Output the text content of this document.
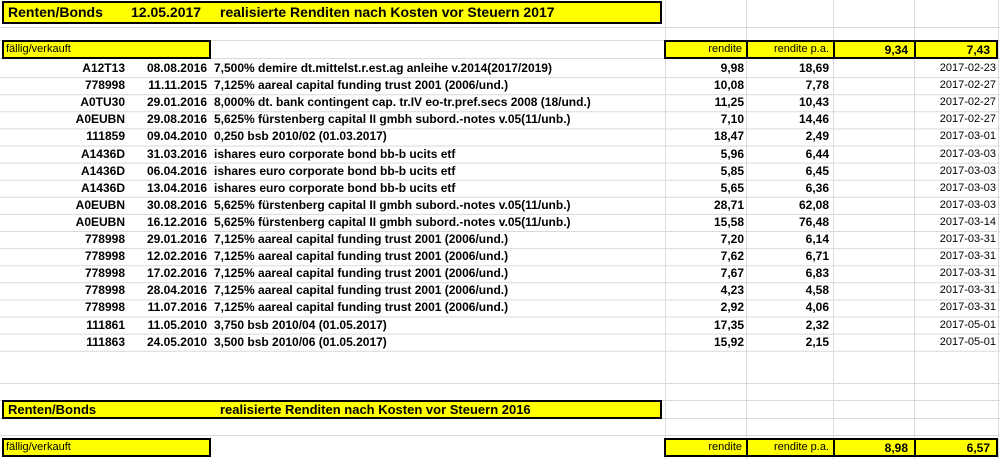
Renten/Bonds 12.05.2017 realisierte Renditen nach Kosten vor Steuern 2017
fällig/verkauft	rendite	rendite p.a.	9,34	7,43
A12T13	08.08.2016 7,500% demire dt.mittelst.r.est.ag anleihe v.2014(2017/2019)	9,98	18,69	2017-02-23
778998	11.11.2015 7,125% aareal capital funding trust 2001 (2006/und.)	10,08	7,78	2017-02-27
A0TU30	29.01.2016 8,000% dt. bank contingent cap. tr.IV eo-tr.pref.secs 2008 (18/und.)	11,25	10,43	2017-02-27
A0EUBN	29.08.2016 5,625% fürstenberg capital II gmbh subord.-notes v.05(11/unb.)	7,10	14,46	2017-02-27
111859	09.04.2010 0,250 bsb 2010/02 (01.03.2017)	18,47	2,49	2017-03-01
A1436D	31.03.2016 ishares euro corporate bond bb-b ucits etf	5,96	6,44	2017-03-03
A1436D	06.04.2016 ishares euro corporate bond bb-b ucits etf	5,85	6,45	2017-03-03
A1436D	13.04.2016 ishares euro corporate bond bb-b ucits etf	5,65	6,36	2017-03-03
A0EUBN	30.08.2016 5,625% fürstenberg capital II gmbh subord.-notes v.05(11/unb.)	28,71	62,08	2017-03-03
A0EUBN	16.12.2016 5,625% fürstenberg capital II gmbh subord.-notes v.05(11/unb.)	15,58	76,48	2017-03-14
778998	29.01.2016 7,125% aareal capital funding trust 2001 (2006/und.)	7,20	6,14	2017-03-31
778998	12.02.2016 7,125% aareal capital funding trust 2001 (2006/und.)	7,62	6,71	2017-03-31
778998	17.02.2016 7,125% aareal capital funding trust 2001 (2006/und.)	7,67	6,83	2017-03-31
778998	28.04.2016 7,125% aareal capital funding trust 2001 (2006/und.)	4,23	4,58	2017-03-31
778998	11.07.2016 7,125% aareal capital funding trust 2001 (2006/und.)	2,92	4,06	2017-03-31
111861	11.05.2010 3,750 bsb 2010/04 (01.05.2017)	17,35	2,32	2017-05-01
111863	24.05.2010 3,500 bsb 2010/06 (01.05.2017)	15,92	2,15	2017-05-01
Renten/Bonds	realisierte Renditen nach Kosten vor Steuern 2016
fällig/verkauft	rendite	rendite p.a.	8,98	6,57
